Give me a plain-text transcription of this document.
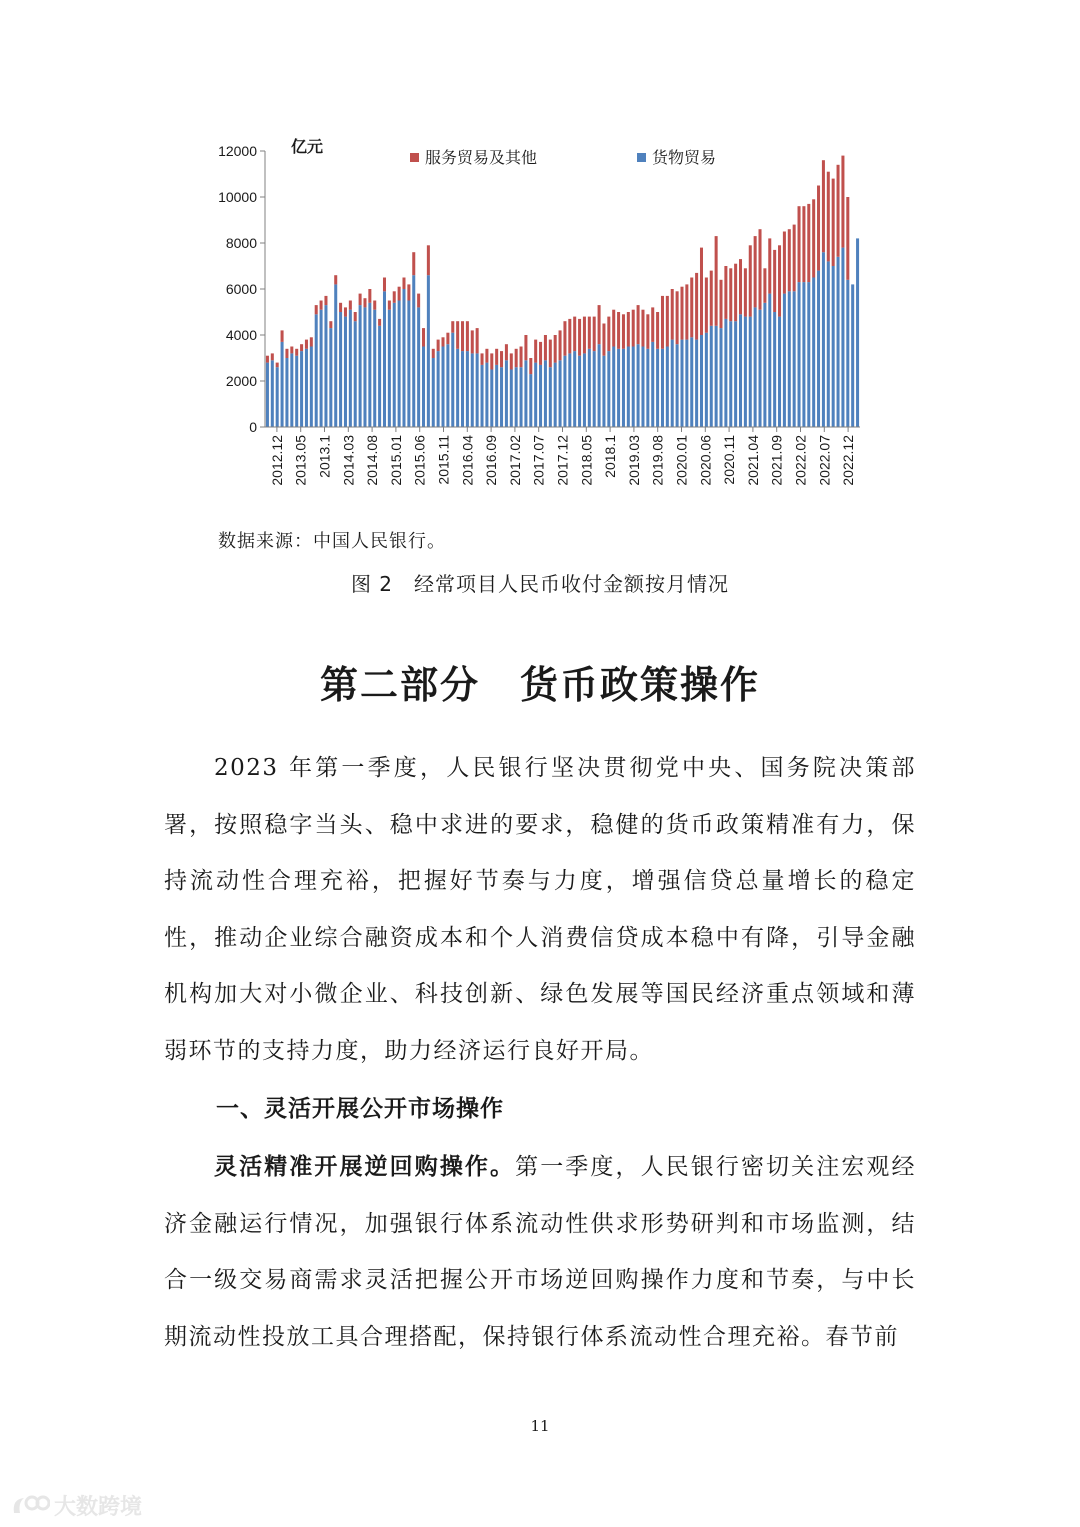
0
2000
4000
6000
8000
10000
12000
2012.12 2013.05 2013.1 2014.03 2014.08 2015.01 2015.06 2015.11 2016.04 2016.09 2017.02 2017.07 2017.12 2018.05 2018.1 2019.03 2019.08 2020.01 2020.06 2020.11 2021.04 2021.09 2022.02 2022.07 2022.12
服务贸易及其他	货物贸易
亿元
数据来源：中国人民银行。
图 2　经常项目人民币收付金额按月情况
第二部分　货币政策操作

2023 年第一季度，人民银行坚决贯彻党中央、国务院决策部署，按照稳字当头、稳中求进的要求，稳健的货币政策精准有力，保持流动性合理充裕，把握好节奏与力度，增强信贷总量增长的稳定性，推动企业综合融资成本和个人消费信贷成本稳中有降，引导金融机构加大对小微企业、科技创新、绿色发展等国民经济重点领域和薄弱环节的支持力度，助力经济运行良好开局。

一、灵活开展公开市场操作

灵活精准开展逆回购操作。第一季度，人民银行密切关注宏观经济金融运行情况，加强银行体系流动性供求形势研判和市场监测，结合一级交易商需求灵活把握公开市场逆回购操作力度和节奏，与中长期流动性投放工具合理搭配，保持银行体系流动性合理充裕。春节前

11
大数跨境
